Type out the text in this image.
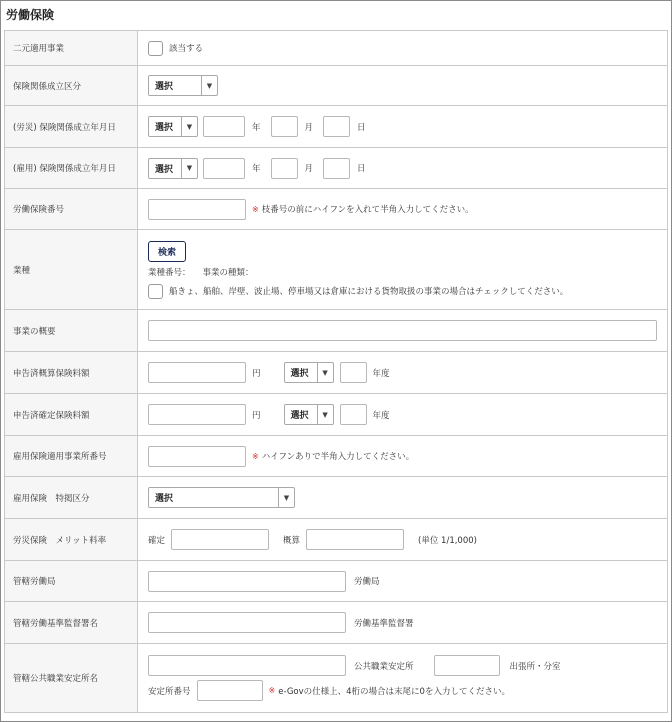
労働保険
二元適用事業	該当する

保険関係成立区分	選択 ▼

(労災) 保険関係成立年月日	選択 ▼ 年 月 日

(雇用) 保険関係成立年月日	選択 ▼ 年 月 日

労働保険番号	※ 枝番号の前にハイフンを入れて半角入力してください。

業種	検索
業種番号： 事業の種類：
船きょ、船舶、岸壁、波止場、停車場又は倉庫における貨物取扱の事業の場合はチェックしてください。

事業の概要	

申告済概算保険料額	円 選択 ▼ 年度

申告済確定保険料額	円 選択 ▼ 年度

雇用保険適用事業所番号	※ ハイフンありで半角入力してください。

雇用保険　特掲区分	選択 ▼

労災保険　メリット料率	確定 概算 (単位 1/1,000)

管轄労働局	労働局

管轄労働基準監督署名	労働基準監督署

管轄公共職業安定所名	公共職業安定所 出張所・分室
安定所番号 ※ e-Govの仕様上、4桁の場合は末尾に0を入力してください。
